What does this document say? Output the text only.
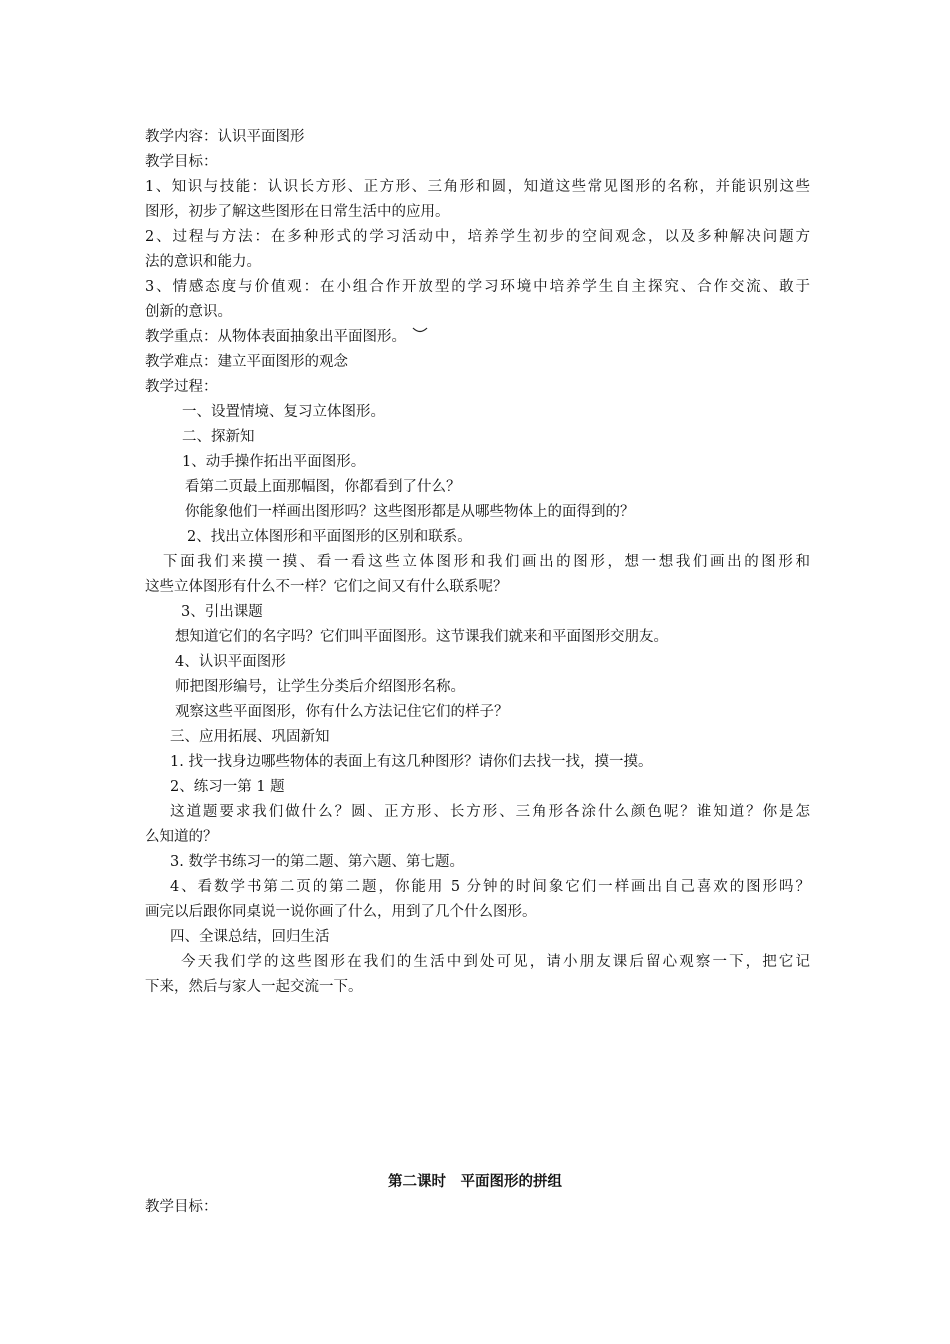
教学内容：认识平面图形
教学目标：
1、知识与技能：认识长方形、正方形、三角形和圆，知道这些常见图形的名称，并能识别这些
图形，初步了解这些图形在日常生活中的应用。
2、过程与方法：在多种形式的学习活动中，培养学生初步的空间观念，以及多种解决问题方
法的意识和能力。
3、情感态度与价值观：在小组合作开放型的学习环境中培养学生自主探究、合作交流、敢于
创新的意识。
教学重点：从物体表面抽象出平面图形。
教学难点：建立平面图形的观念
教学过程：
一、设置情境、复习立体图形。
二、探新知
1、动手操作拓出平面图形。
看第二页最上面那幅图，你都看到了什么？
你能象他们一样画出图形吗？这些图形都是从哪些物体上的面得到的？
2、找出立体图形和平面图形的区别和联系。
下面我们来摸一摸、看一看这些立体图形和我们画出的图形，想一想我们画出的图形和
这些立体图形有什么不一样？它们之间又有什么联系呢？
3、引出课题
想知道它们的名字吗？它们叫平面图形。这节课我们就来和平面图形交朋友。
4、认识平面图形
师把图形编号，让学生分类后介绍图形名称。
观察这些平面图形，你有什么方法记住它们的样子？
三、应用拓展、巩固新知
1. 找一找身边哪些物体的表面上有这几种图形？请你们去找一找，摸一摸。
2、练习一第 1 题
这道题要求我们做什么？圆、正方形、长方形、三角形各涂什么颜色呢？谁知道？你是怎
么知道的？
3. 数学书练习一的第二题、第六题、第七题。
4、看数学书第二页的第二题，你能用 5 分钟的时间象它们一样画出自己喜欢的图形吗？
画完以后跟你同桌说一说你画了什么，用到了几个什么图形。
四、全课总结，回归生活
今天我们学的这些图形在我们的生活中到处可见，请小朋友课后留心观察一下，把它记
下来，然后与家人一起交流一下。
第二课时　平面图形的拼组
教学目标：
